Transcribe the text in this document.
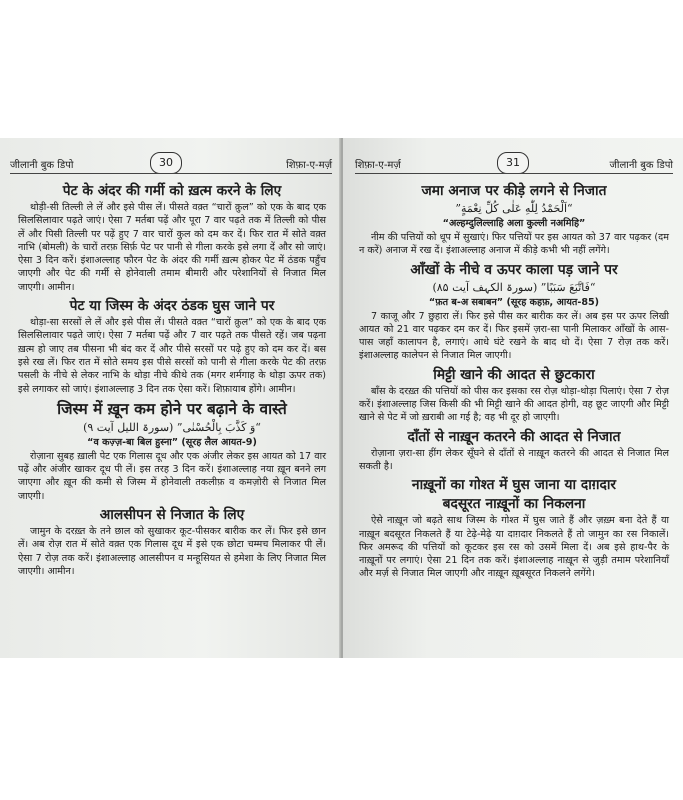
जीलानी बुक डिपो	30	शिफ़ा-ए-मर्ज़
पेट के अंदर की गर्मी को ख़त्म करने के लिए

थोड़ी-सी तिल्ली ले लें और इसे पीस लें। पीसते वक़्त “चारों क़ुल” को एक के बाद एक सिलसिलावार पढ़ते जाएं। ऐसा 7 मर्तबा पढ़ें और पूरा 7 वार पढ़ते तक में तिल्ली को पीस लें और पिसी तिल्ली पर पढ़ें हुए 7 वार चारों कुल को दम कर दें। फिर रात में सोते वक़्त नाभि (बोमली) के चारों तरफ़ सिर्फ़ पेट पर पानी से गीला करके इसे लगा दें और सो जाएं। ऐसा 3 दिन करें। इंशाअल्लाह फौरन पेट के अंदर की गर्मी ख़त्म होकर पेट में ठंडक पहुँच जाएगी और पेट की गर्मी से होनेवाली तमाम बीमारी और परेशानियों से निजात मिल जाएगी। आमीन।

पेट या जिस्म के अंदर ठंडक घुस जाने पर

थोड़ा-सा सरसों ले लें और इसे पीस लें। पीसते वक़्त “चारों क़ुल” को एक के बाद एक सिलसिलावार पढ़ते जाएं। ऐसा 7 मर्तबा पढ़ें और 7 वार पढ़ते तक पीसते रहें। जब पढ़ना ख़त्म हो जाए तब पीसना भी बंद कर दें और पीसे सरसों पर पढ़े हुए को दम कर दें। बस इसे रख लें। फिर रात में सोते समय इस पीसे सरसों को पानी से गीला करके पेट की तरफ़ पसली के नीचे से लेकर नाभि के थोड़ा नीचे कीथे तक (मगर शर्मगाह के थोड़ा ऊपर तक) इसे लगाकर सो जाएं। इंशाअल्लाह 3 दिन तक ऐसा करें। शिफ़ायाब होंगे। आमीन।

जिस्म में ख़ून कम होने पर बढ़ाने के वास्ते
“وَ كَذَّبَ بِالْحُسْنٰى” (سورۃ اللیل آیت ۹)
“व कज़्ज़-बा बिल हुस्ना” (सूरह लैल आयत-9)

रोज़ाना सुबह ख़ाली पेट एक गिलास दूध और एक अंजीर लेकर इस आयत को 17 वार पढ़ें और अंजीर खाकर दूध पी लें। इस तरह 3 दिन करें। इंशाअल्लाह नया ख़ून बनने लग जाएगा और ख़ून की कमी से जिस्म में होनेवाली तकलीफ़ व कमज़ोरी से निजात मिल जाएगी।

आलसीपन से निजात के लिए

जामुन के दरख़्त के तने छाल को सुखाकर कूट-पीसकर बारीक कर लें। फिर इसे छान लें। अब रोज़ रात में सोते वक़्त एक गिलास दूध में इसे एक छोटा चम्मच मिलाकर पी लें। ऐसा 7 रोज़ तक करें। इंशाअल्लाह आलसीपन व मन्हूसियत से हमेशा के लिए निजात मिल जाएगी। आमीन।

शिफ़ा-ए-मर्ज़	31	जीलानी बुक डिपो
जमा अनाज पर कीड़े लगने से निजात
“اَلْحَمْدُ لِلّٰهِ عَلٰى كُلِّ نِعْمَةٍ”
“अल्हम्दुलिल्लाहि अला कुल्ली नअमिहि”

नीम की पत्तियों को धूप में सुखाएं। फिर पत्तियों पर इस आयत को 37 वार पढ़कर (दम न करें) अनाज में रख दें। इंशाअल्लाह अनाज में कीड़े कभी भी नहीं लगेंगे।

आँखों के नीचे व ऊपर काला पड़ जाने पर
“فَاتَّبَعَ سَبَبًا” (سورۃ الکہف آیت ۸۵)
“फ़त ब-अ सबाबन” (सूरह कहफ़, आयत-85)

7 काजू और 7 छुहारा लें। फिर इसे पीस कर बारीक कर लें। अब इस पर ऊपर लिखी आयत को 21 वार पढ़कर दम कर दें। फिर इसमें ज़रा-सा पानी मिलाकर आँखों के आस-पास जहाँ कालापन है, लगाएं। आधे घंटे रखने के बाद धो दें। ऐसा 7 रोज़ तक करें। इंशाअल्लाह कालेपन से निजात मिल जाएगी।

मिट्टी खाने की आदत से छुटकारा

बाँस के दरख़्त की पत्तियों को पीस कर इसका रस रोज़ थोड़ा-थोड़ा पिलाएं। ऐसा 7 रोज़ करें। इंशाअल्लाह जिस किसी की भी मिट्टी खाने की आदत होगी, वह छूट जाएगी और मिट्टी खाने से पेट में जो ख़राबी आ गई है; वह भी दूर हो जाएगी।

दाँतों से नाख़ून कतरने की आदत से निजात

रोज़ाना ज़रा-सा हींग लेकर सूँघने से दाँतों से नाख़ून कतरने की आदत से निजात मिल सकती है।

नाख़ूनों का गोश्त में घुस जाना या दाग़दार
बदसूरत नाख़ूनों का निकलना

ऐसे नाख़ून जो बढ़ते साथ जिस्म के गोश्त में घुस जाते हैं और ज़ख़्म बना देते हैं या नाख़ून बदसूरत निकलते हैं या टेढ़े-मेढ़े या दाग़दार निकलते हैं तो जामुन का रस निकालें। फिर अमरूद की पत्तियों को कूटकर इस रस को उसमें मिला दें। अब इसे हाथ-पैर के नाख़ूनों पर लगाएं। ऐसा 21 दिन तक करें। इंशाअल्लाह नाख़ून से जुड़ी तमाम परेशानियाँ और मर्ज़ से निजात मिल जाएगी और नाख़ून ख़ूबसूरत निकलने लगेंगे।
